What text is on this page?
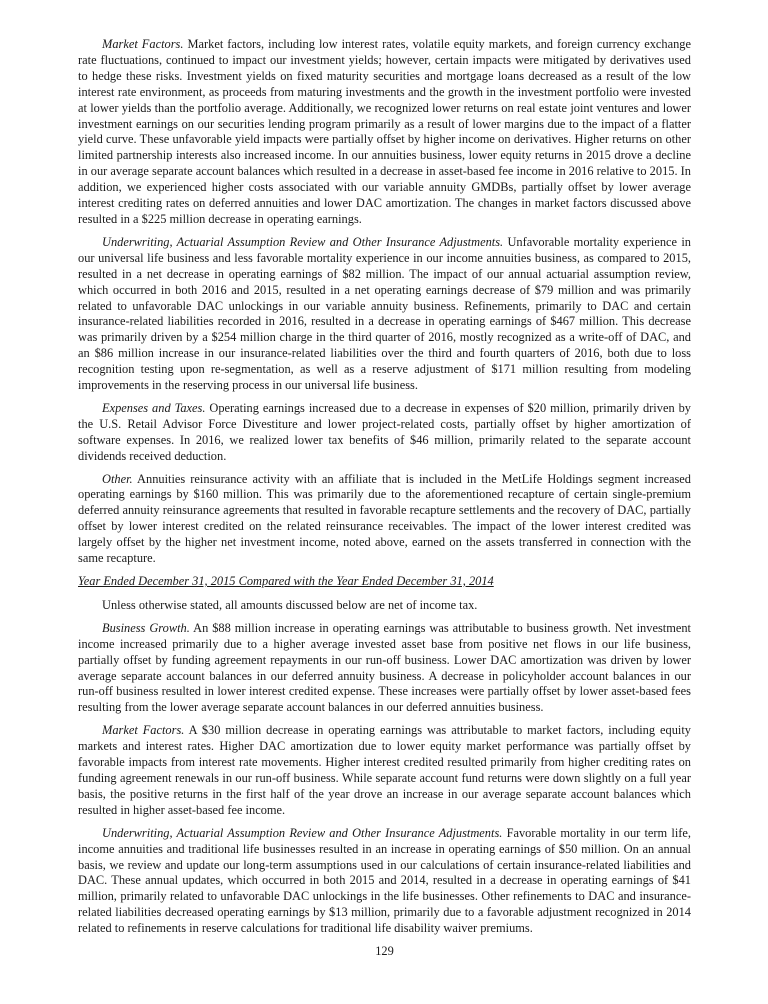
Market Factors. Market factors, including low interest rates, volatile equity markets, and foreign currency exchange rate fluctuations, continued to impact our investment yields; however, certain impacts were mitigated by derivatives used to hedge these risks. Investment yields on fixed maturity securities and mortgage loans decreased as a result of the low interest rate environment, as proceeds from maturing investments and the growth in the investment portfolio were invested at lower yields than the portfolio average. Additionally, we recognized lower returns on real estate joint ventures and lower investment earnings on our securities lending program primarily as a result of lower margins due to the impact of a flatter yield curve. These unfavorable yield impacts were partially offset by higher income on derivatives. Higher returns on other limited partnership interests also increased income. In our annuities business, lower equity returns in 2015 drove a decline in our average separate account balances which resulted in a decrease in asset-based fee income in 2016 relative to 2015. In addition, we experienced higher costs associated with our variable annuity GMDBs, partially offset by lower average interest crediting rates on deferred annuities and lower DAC amortization. The changes in market factors discussed above resulted in a $225 million decrease in operating earnings.

Underwriting, Actuarial Assumption Review and Other Insurance Adjustments. Unfavorable mortality experience in our universal life business and less favorable mortality experience in our income annuities business, as compared to 2015, resulted in a net decrease in operating earnings of $82 million. The impact of our annual actuarial assumption review, which occurred in both 2016 and 2015, resulted in a net operating earnings decrease of $79 million and was primarily related to unfavorable DAC unlockings in our variable annuity business. Refinements, primarily to DAC and certain insurance-related liabilities recorded in 2016, resulted in a decrease in operating earnings of $467 million. This decrease was primarily driven by a $254 million charge in the third quarter of 2016, mostly recognized as a write-off of DAC, and an $86 million increase in our insurance-related liabilities over the third and fourth quarters of 2016, both due to loss recognition testing upon re-segmentation, as well as a reserve adjustment of $171 million resulting from modeling improvements in the reserving process in our universal life business.

Expenses and Taxes. Operating earnings increased due to a decrease in expenses of $20 million, primarily driven by the U.S. Retail Advisor Force Divestiture and lower project-related costs, partially offset by higher amortization of software expenses. In 2016, we realized lower tax benefits of $46 million, primarily related to the separate account dividends received deduction.

Other. Annuities reinsurance activity with an affiliate that is included in the MetLife Holdings segment increased operating earnings by $160 million. This was primarily due to the aforementioned recapture of certain single-premium deferred annuity reinsurance agreements that resulted in favorable recapture settlements and the recovery of DAC, partially offset by lower interest credited on the related reinsurance receivables. The impact of the lower interest credited was largely offset by the higher net investment income, noted above, earned on the assets transferred in connection with the same recapture.

Year Ended December 31, 2015 Compared with the Year Ended December 31, 2014

Unless otherwise stated, all amounts discussed below are net of income tax.

Business Growth. An $88 million increase in operating earnings was attributable to business growth. Net investment income increased primarily due to a higher average invested asset base from positive net flows in our life business, partially offset by funding agreement repayments in our run-off business. Lower DAC amortization was driven by lower average separate account balances in our deferred annuity business. A decrease in policyholder account balances in our run-off business resulted in lower interest credited expense. These increases were partially offset by lower asset-based fees resulting from the lower average separate account balances in our deferred annuities business.

Market Factors. A $30 million decrease in operating earnings was attributable to market factors, including equity markets and interest rates. Higher DAC amortization due to lower equity market performance was partially offset by favorable impacts from interest rate movements. Higher interest credited resulted primarily from higher crediting rates on funding agreement renewals in our run-off business. While separate account fund returns were down slightly on a full year basis, the positive returns in the first half of the year drove an increase in our average separate account balances which resulted in higher asset-based fee income.

Underwriting, Actuarial Assumption Review and Other Insurance Adjustments. Favorable mortality in our term life, income annuities and traditional life businesses resulted in an increase in operating earnings of $50 million. On an annual basis, we review and update our long-term assumptions used in our calculations of certain insurance-related liabilities and DAC. These annual updates, which occurred in both 2015 and 2014, resulted in a decrease in operating earnings of $41 million, primarily related to unfavorable DAC unlockings in the life businesses. Other refinements to DAC and insurance-related liabilities decreased operating earnings by $13 million, primarily due to a favorable adjustment recognized in 2014 related to refinements in reserve calculations for traditional life disability waiver premiums.

129
